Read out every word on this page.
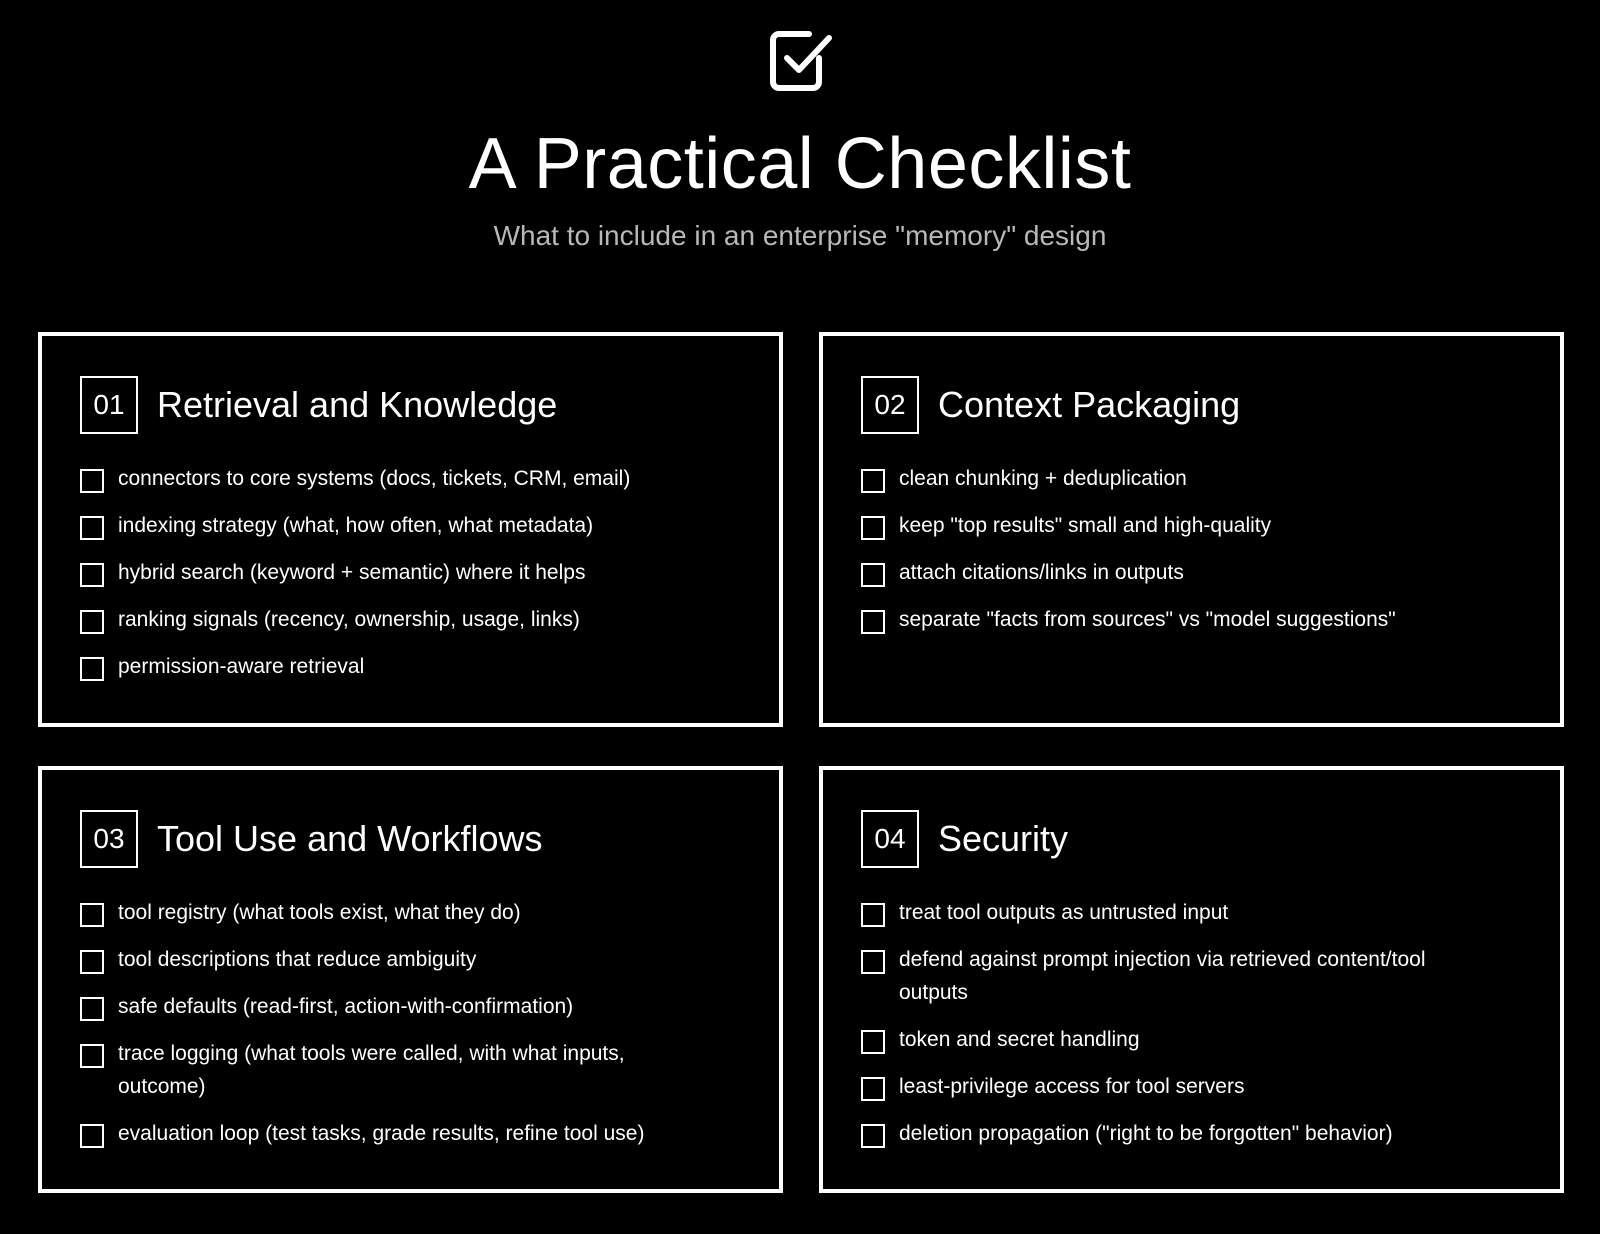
A Practical Checklist

What to include in an enterprise "memory" design

01 Retrieval and Knowledge
connectors to core systems (docs, tickets, CRM, email)
indexing strategy (what, how often, what metadata)
hybrid search (keyword + semantic) where it helps
ranking signals (recency, ownership, usage, links)
permission-aware retrieval
02 Context Packaging
clean chunking + deduplication
keep "top results" small and high-quality
attach citations/links in outputs
separate "facts from sources" vs "model suggestions"
03 Tool Use and Workflows
tool registry (what tools exist, what they do)
tool descriptions that reduce ambiguity
safe defaults (read-first, action-with-confirmation)
trace logging (what tools were called, with what inputs, outcome)
evaluation loop (test tasks, grade results, refine tool use)
04 Security
treat tool outputs as untrusted input
defend against prompt injection via retrieved content/tool outputs
token and secret handling
least-privilege access for tool servers
deletion propagation ("right to be forgotten" behavior)
